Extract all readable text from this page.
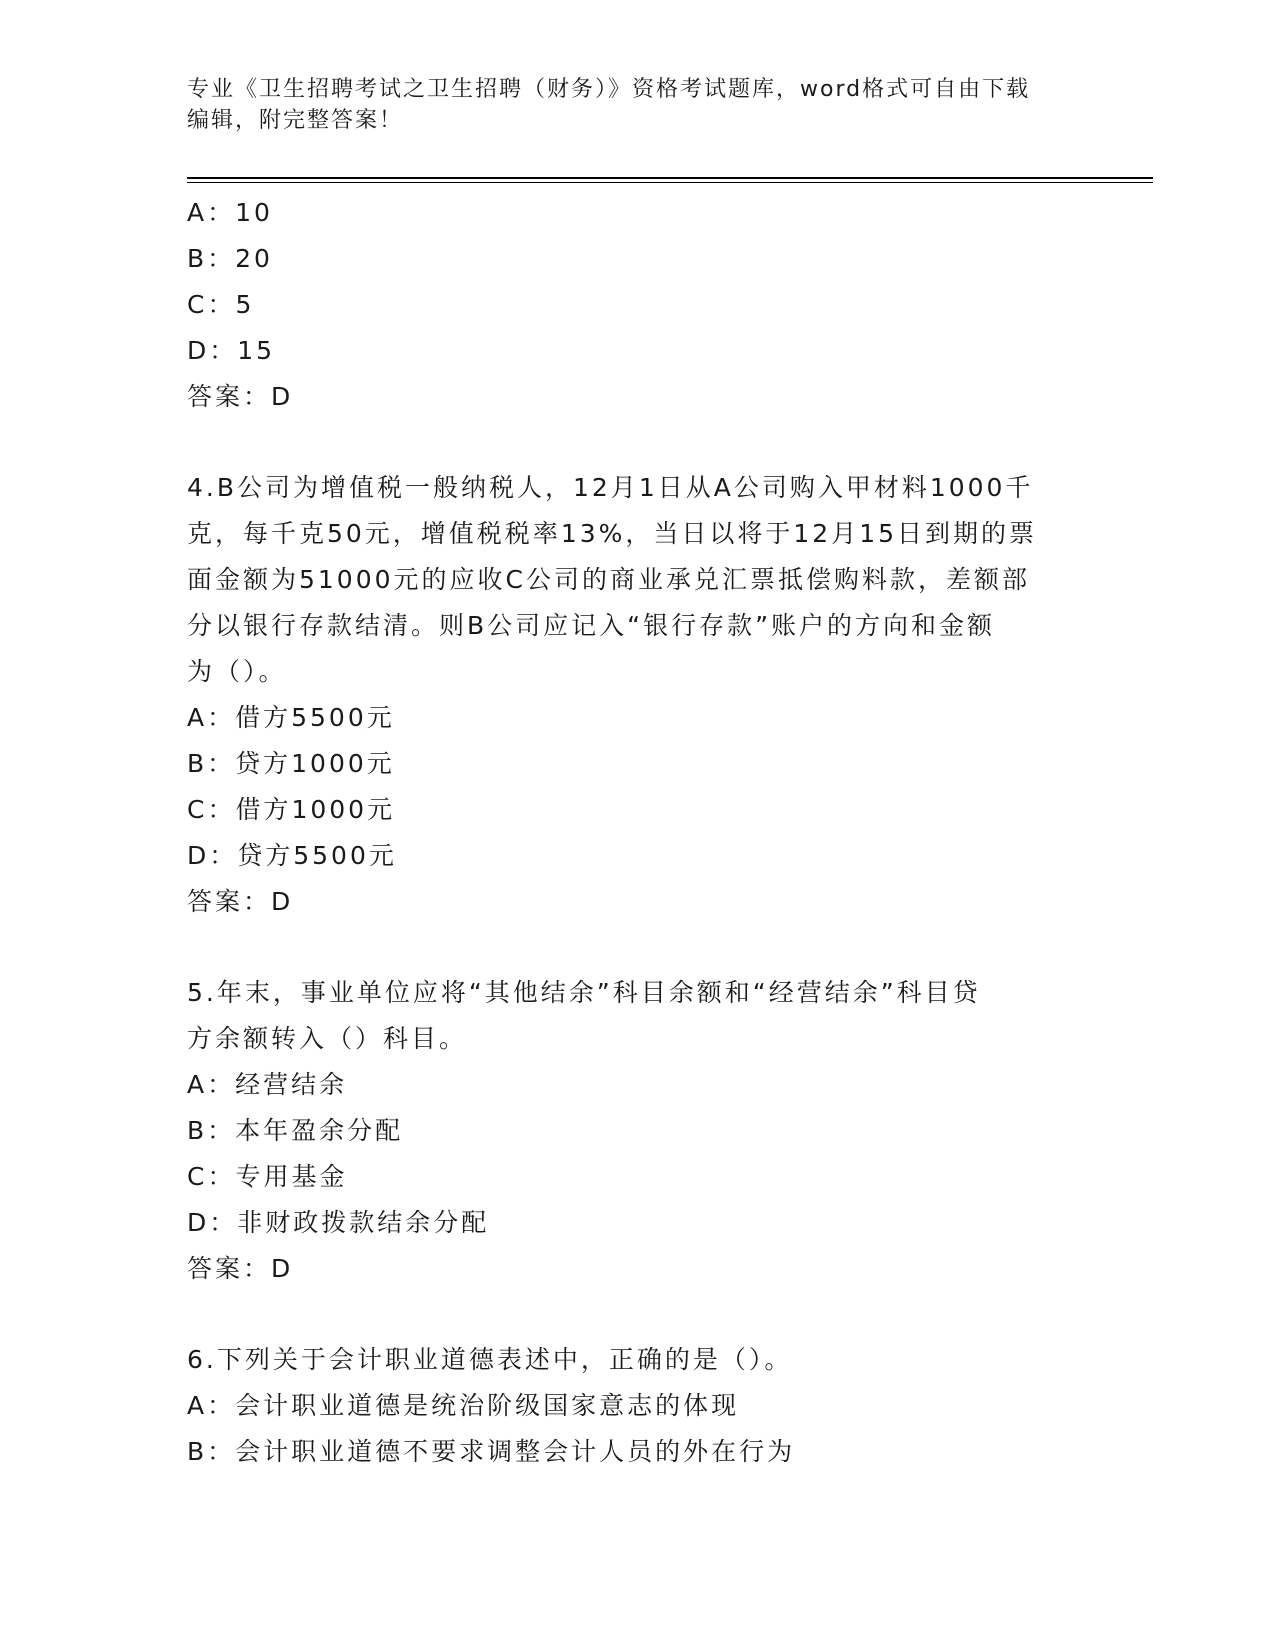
专业《卫生招聘考试之卫生招聘（财务）》资格考试题库，word格式可自由下载
编辑，附完整答案！
A：10
B：20
C：5
D：15
答案：D
4.B公司为增值税一般纳税人，12月1日从A公司购入甲材料1000千
克，每千克50元，增值税税率13%，当日以将于12月15日到期的票
面金额为51000元的应收C公司的商业承兑汇票抵偿购料款，差额部
分以银行存款结清。则B公司应记入“银行存款”账户的方向和金额
为（）。
A：借方5500元
B：贷方1000元
C：借方1000元
D：贷方5500元
答案：D
5.年末，事业单位应将“其他结余”科目余额和“经营结余”科目贷
方余额转入（）科目。
A：经营结余
B：本年盈余分配
C：专用基金
D：非财政拨款结余分配
答案：D
6.下列关于会计职业道德表述中，正确的是（）。
A：会计职业道德是统治阶级国家意志的体现
B：会计职业道德不要求调整会计人员的外在行为
